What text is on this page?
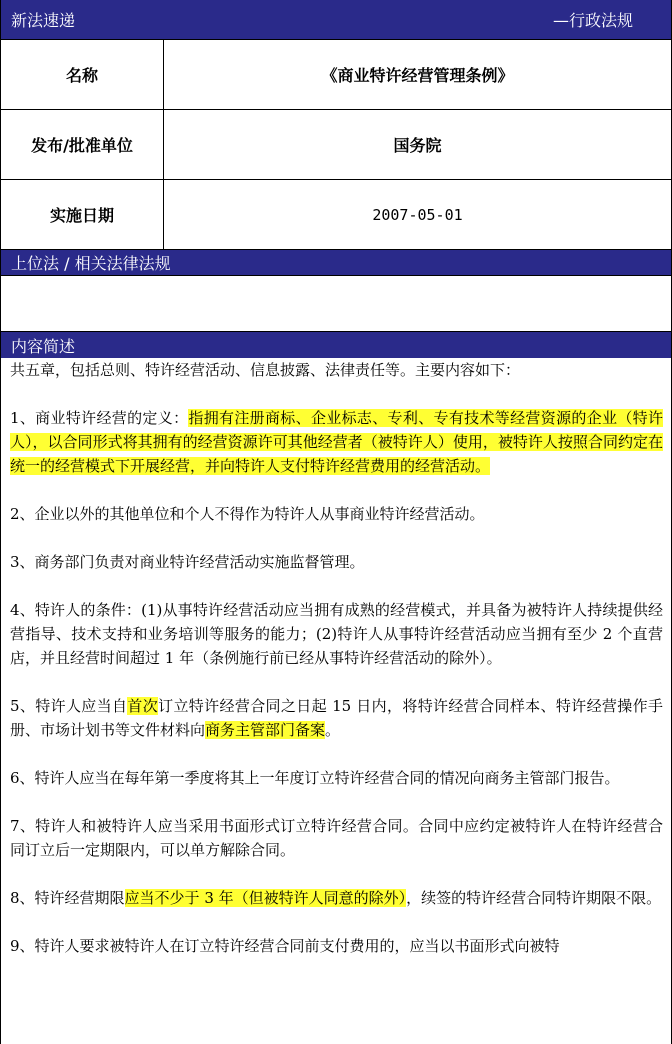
新法速递	—行政法规
名称	《商业特许经营管理条例》
发布/批准单位	国务院
实施日期	2007-05-01
上位法 / 相关法律法规
内容简述

共五章，包括总则、特许经营活动、信息披露、法律责任等。主要内容如下：

1、商业特许经营的定义：指拥有注册商标、企业标志、专利、专有技术等经营资源的企业（特许人），以合同形式将其拥有的经营资源许可其他经营者（被特许人）使用，被特许人按照合同约定在统一的经营模式下开展经营，并向特许人支付特许经营费用的经营活动。

2、企业以外的其他单位和个人不得作为特许人从事商业特许经营活动。

3、商务部门负责对商业特许经营活动实施监督管理。

4、特许人的条件：(1)从事特许经营活动应当拥有成熟的经营模式，并具备为被特许人持续提供经营指导、技术支持和业务培训等服务的能力；(2)特许人从事特许经营活动应当拥有至少 2 个直营店，并且经营时间超过 1 年（条例施行前已经从事特许经营活动的除外）。

5、特许人应当自首次订立特许经营合同之日起 15 日内，将特许经营合同样本、特许经营操作手册、市场计划书等文件材料向商务主管部门备案。

6、特许人应当在每年第一季度将其上一年度订立特许经营合同的情况向商务主管部门报告。

7、特许人和被特许人应当采用书面形式订立特许经营合同。合同中应约定被特许人在特许经营合同订立后一定期限内，可以单方解除合同。

8、特许经营期限应当不少于 3 年（但被特许人同意的除外），续签的特许经营合同特许期限不限。

9、特许人要求被特许人在订立特许经营合同前支付费用的，应当以书面形式向被特
